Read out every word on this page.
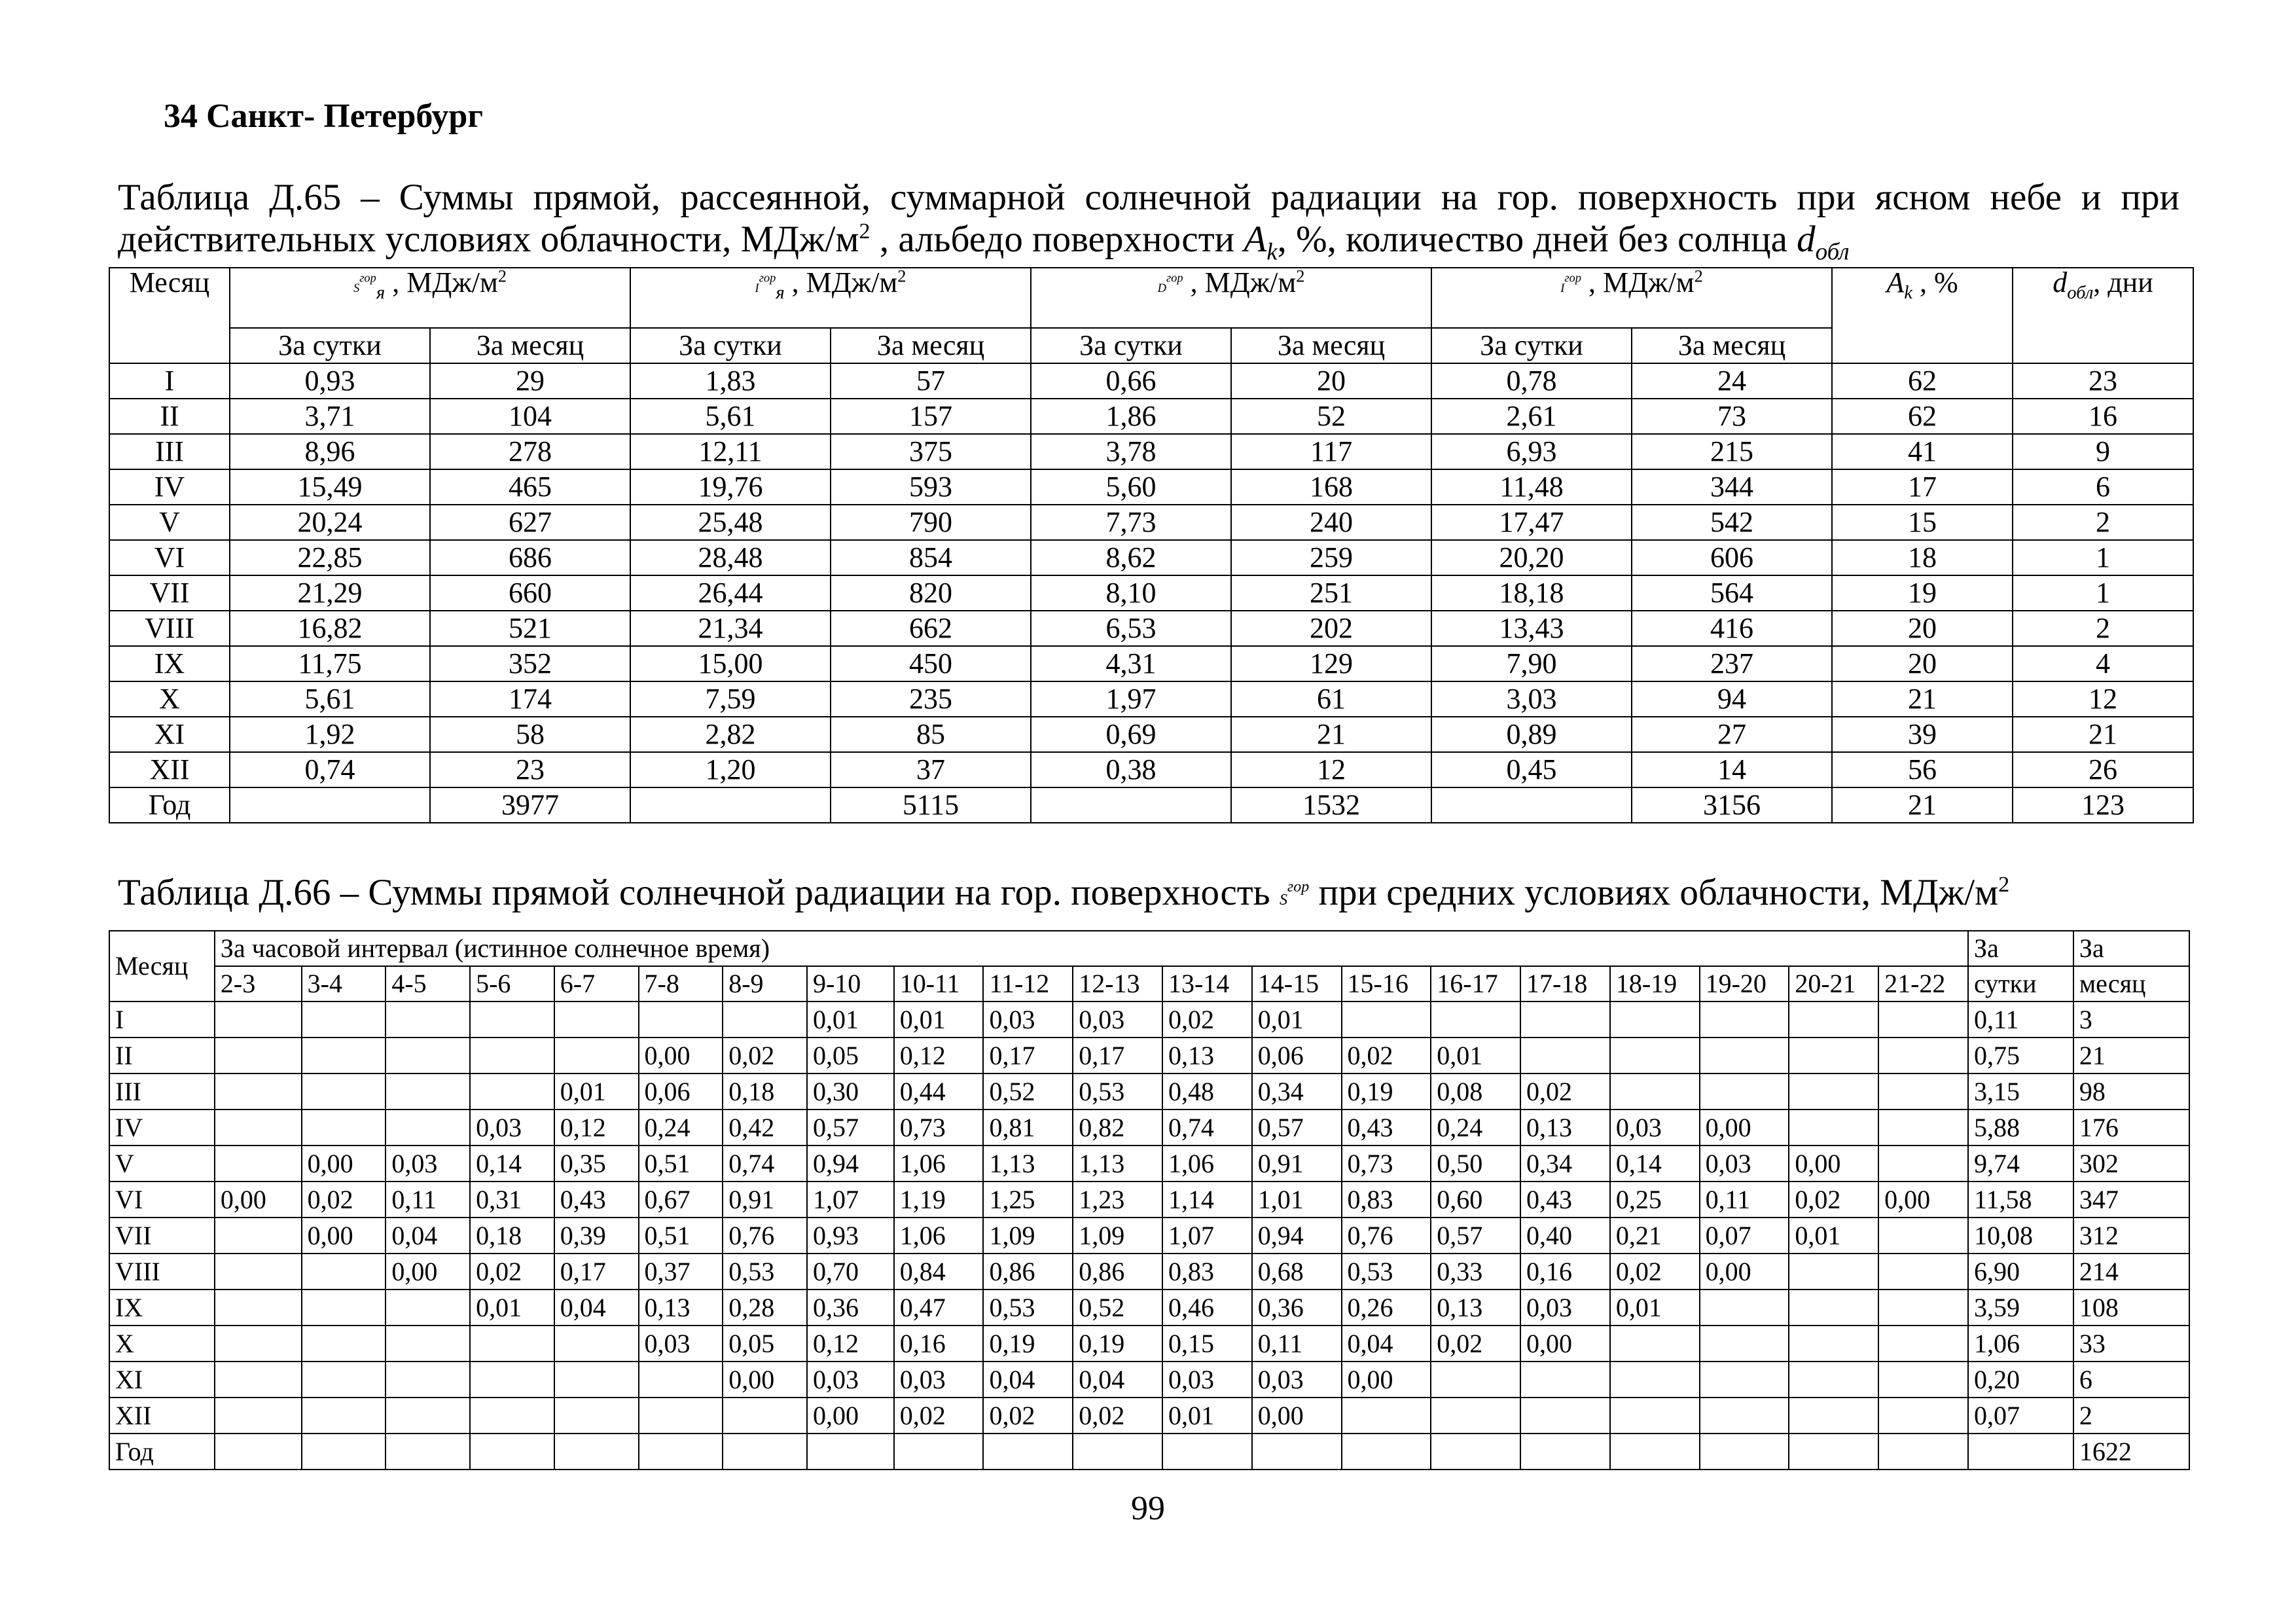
34 Санкт- Петербург
Таблица Д.65 – Суммы прямой, рассеянной, суммарной солнечной радиации на гор. поверхность при ясном небе и при действительных условиях облачности, МДж/$м^2$ , альбедо поверхности $A_k$, %, количество дней без солнца $d_{обл}$
Месяц	$S^{гор}_я$ , МДж/$м^2$		$I^{гор}_я$ , МДж/$м^2$		$D^{гор}$ , МДж/$м^2$		$I^{гор}$ , МДж/$м^2$		$A_k$ , %	$d_{обл}$, дни
	За сутки	За месяц	За сутки	За месяц	За сутки	За месяц	За сутки	За месяц		
I	0,93	29	1,83	57	0,66	20	0,78	24	62	23
II	3,71	104	5,61	157	1,86	52	2,61	73	62	16
III	8,96	278	12,11	375	3,78	117	6,93	215	41	9
IV	15,49	465	19,76	593	5,60	168	11,48	344	17	6
V	20,24	627	25,48	790	7,73	240	17,47	542	15	2
VI	22,85	686	28,48	854	8,62	259	20,20	606	18	1
VII	21,29	660	26,44	820	8,10	251	18,18	564	19	1
VIII	16,82	521	21,34	662	6,53	202	13,43	416	20	2
IX	11,75	352	15,00	450	4,31	129	7,90	237	20	4
X	5,61	174	7,59	235	1,97	61	3,03	94	21	12
XI	1,92	58	2,82	85	0,69	21	0,89	27	39	21
XII	0,74	23	1,20	37	0,38	12	0,45	14	56	26
Год		3977		5115		1532		3156	21	123
Таблица Д.66 – Суммы прямой солнечной радиации на гор. поверхность $S^{гор}$ при средних условиях облачности, МДж/$м^2$
Месяц	За часовой интервал (истинное солнечное время)																				За	За
	2-3	3-4	4-5	5-6	6-7	7-8	8-9	9-10	10-11	11-12	12-13	13-14	14-15	15-16	16-17	17-18	18-19	19-20	20-21	21-22	сутки	месяц
I								0,01	0,01	0,03	0,03	0,02	0,01								0,11	3
II						0,00	0,02	0,05	0,12	0,17	0,17	0,13	0,06	0,02	0,01						0,75	21
III					0,01	0,06	0,18	0,30	0,44	0,52	0,53	0,48	0,34	0,19	0,08	0,02					3,15	98
IV				0,03	0,12	0,24	0,42	0,57	0,73	0,81	0,82	0,74	0,57	0,43	0,24	0,13	0,03	0,00			5,88	176
V		0,00	0,03	0,14	0,35	0,51	0,74	0,94	1,06	1,13	1,13	1,06	0,91	0,73	0,50	0,34	0,14	0,03	0,00		9,74	302
VI	0,00	0,02	0,11	0,31	0,43	0,67	0,91	1,07	1,19	1,25	1,23	1,14	1,01	0,83	0,60	0,43	0,25	0,11	0,02	0,00	11,58	347
VII		0,00	0,04	0,18	0,39	0,51	0,76	0,93	1,06	1,09	1,09	1,07	0,94	0,76	0,57	0,40	0,21	0,07	0,01		10,08	312
VIII			0,00	0,02	0,17	0,37	0,53	0,70	0,84	0,86	0,86	0,83	0,68	0,53	0,33	0,16	0,02	0,00			6,90	214
IX				0,01	0,04	0,13	0,28	0,36	0,47	0,53	0,52	0,46	0,36	0,26	0,13	0,03	0,01				3,59	108
X						0,03	0,05	0,12	0,16	0,19	0,19	0,15	0,11	0,04	0,02	0,00					1,06	33
XI							0,00	0,03	0,03	0,04	0,04	0,03	0,03	0,00							0,20	6
XII								0,00	0,02	0,02	0,02	0,01	0,00								0,07	2
Год																						1622
99
